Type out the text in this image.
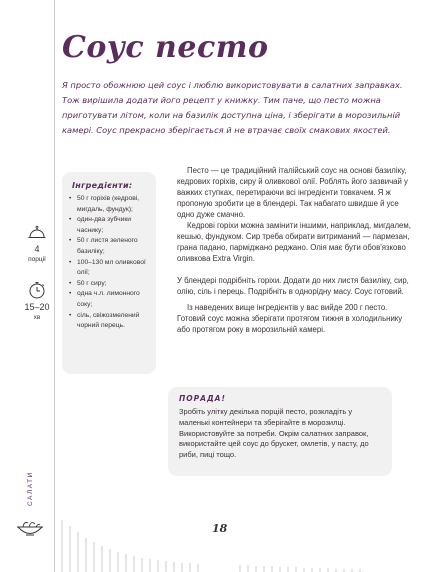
Соус песто

Я просто обожнюю цей соус і люблю використовувати в салатних заправках. Тож вирішила додати його рецепт у книжку. Тим паче, що песто можна приготувати літом, коли на базилік доступна ціна, і зберігати в морозильній камері. Соус прекрасно зберігається й не втрачає своїх смакових якостей.

4
порції
15–20
хв
Інгредієнти:
• 50 г горіхів (кедрові, мигдаль, фундук);
• один-два зубчики часнику;
• 50 г листя зеленого базиліку;
• 100–130 мл оливкової олії;
• 50 г сиру;
• одна ч.л. лимонного соку;
• сіль, свіжозмелений чорний перець.

Песто — це традиційний італійський соус на основі базиліку, кедрових горіхів, сиру й оливкової олії. Роблять його зазвичай у важких ступках, перетираючи всі інгредієнти товкачем. Я ж пропоную зробити це в блендері. Так набагато швидше й усе одно дуже смачно.

Кедрові горіхи можна замінити іншими, наприклад, мигдалем, кешью, фундуком. Сир треба обирати витриманий — пармезан, грана падано, парміджано реджано. Олія має бути обов'язково оливкова Extra Virgin.

У блендері подрібніть горіхи. Додати до них листя базиліку, сир, олію, сіль і перець. Подрібніть в однорідну масу. Соус готовий.

Із наведених вище інгредієнтів у вас вийде 200 г песто. Готовий соус можна зберігати протягом тижня в холодильнику або протягом року в морозильній камері.

ПОРАДА!

Зробіть улітку декілька порцій песто, розкладіть у маленькі контейнери та зберігайте в морозилці. Використовуйте за потреби. Окрім салатних заправок, використайте цей соус до брускет, омлетів, у пасту, до риби, пиці тощо.

САЛАТИ
18
